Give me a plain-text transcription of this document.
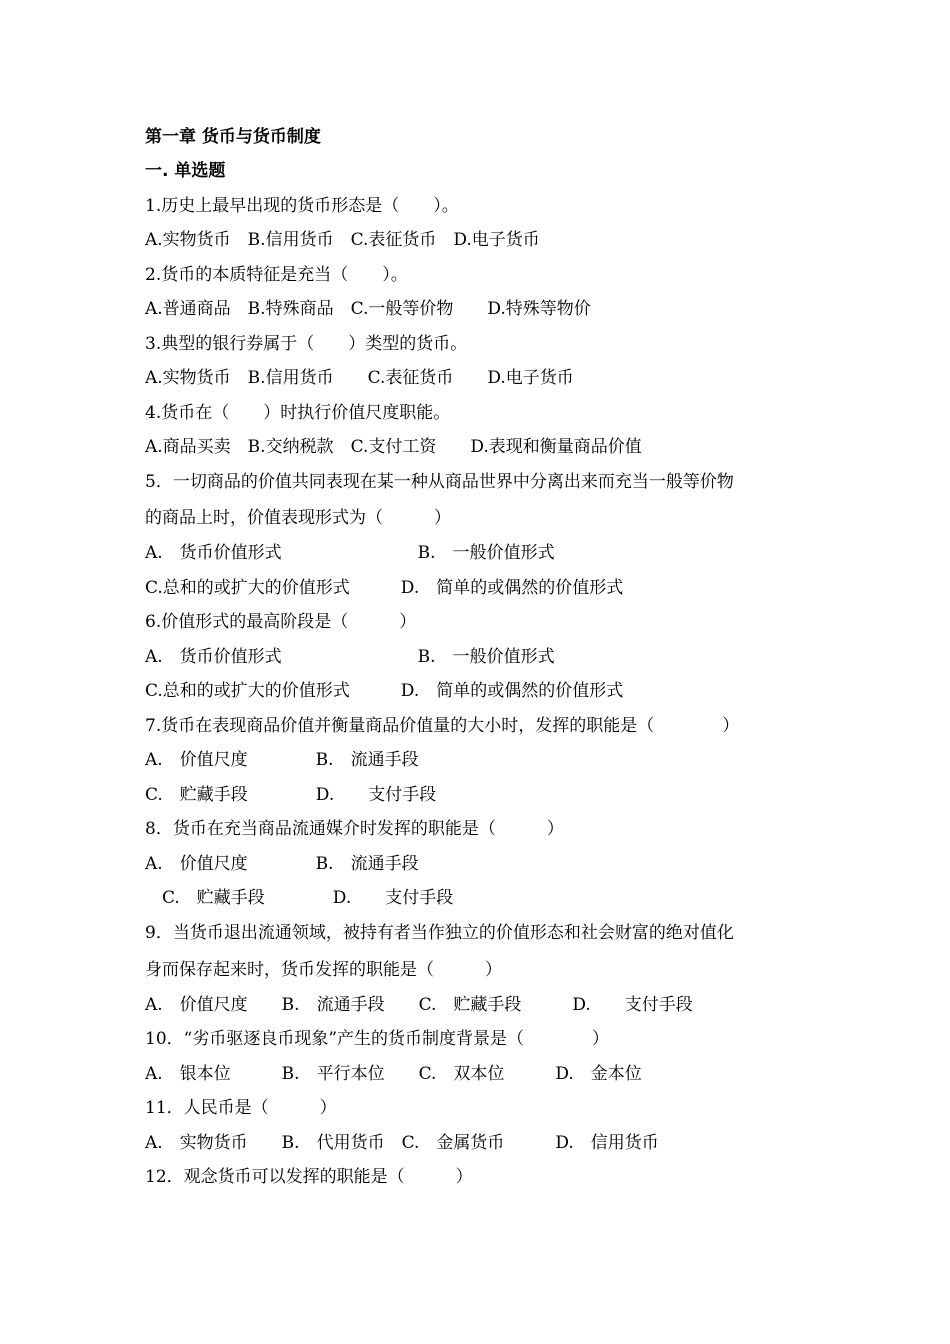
第一章 货币与货币制度
一. 单选题
1.历史上最早出现的货币形态是（　　）。
A.实物货币　B.信用货币　C.表征货币　D.电子货币
2.货币的本质特征是充当（　　）。
A.普通商品　B.特殊商品　C.一般等价物　　D.特殊等物价
3.典型的银行券属于（　　）类型的货币。
A.实物货币　B.信用货币　　C.表征货币　　D.电子货币
4.货币在（　　）时执行价值尺度职能。
A.商品买卖　B.交纳税款　C.支付工资　　D.表现和衡量商品价值
5．一切商品的价值共同表现在某一种从商品世界中分离出来而充当一般等价物
的商品上时，价值表现形式为（　　　）
A.　货币价值形式　　　　　　　　B.　一般价值形式
C.总和的或扩大的价值形式　　　D.　简单的或偶然的价值形式
6.价值形式的最高阶段是（　　　）
A.　货币价值形式　　　　　　　　B.　一般价值形式
C.总和的或扩大的价值形式　　　D.　简单的或偶然的价值形式
7.货币在表现商品价值并衡量商品价值量的大小时，发挥的职能是（　　　　）
A.　价值尺度　　　　B.　流通手段
C.　贮藏手段　　　　D.　　支付手段
8．货币在充当商品流通媒介时发挥的职能是（　　　）
A.　价值尺度　　　　B.　流通手段
　C.　贮藏手段　　　　D.　　支付手段
9．当货币退出流通领域，被持有者当作独立的价值形态和社会财富的绝对值化
身而保存起来时，货币发挥的职能是（　　　）
A.　价值尺度　　B.　流通手段　　C.　贮藏手段　　　D.　　支付手段
10．“劣币驱逐良币现象”产生的货币制度背景是（　　　　）
A.　银本位　　　B.　平行本位　　C.　双本位　　　D.　金本位
11．人民币是（　　　）
A.　实物货币　　B.　代用货币　C.　金属货币　　　D.　信用货币
12．观念货币可以发挥的职能是（　　　）
